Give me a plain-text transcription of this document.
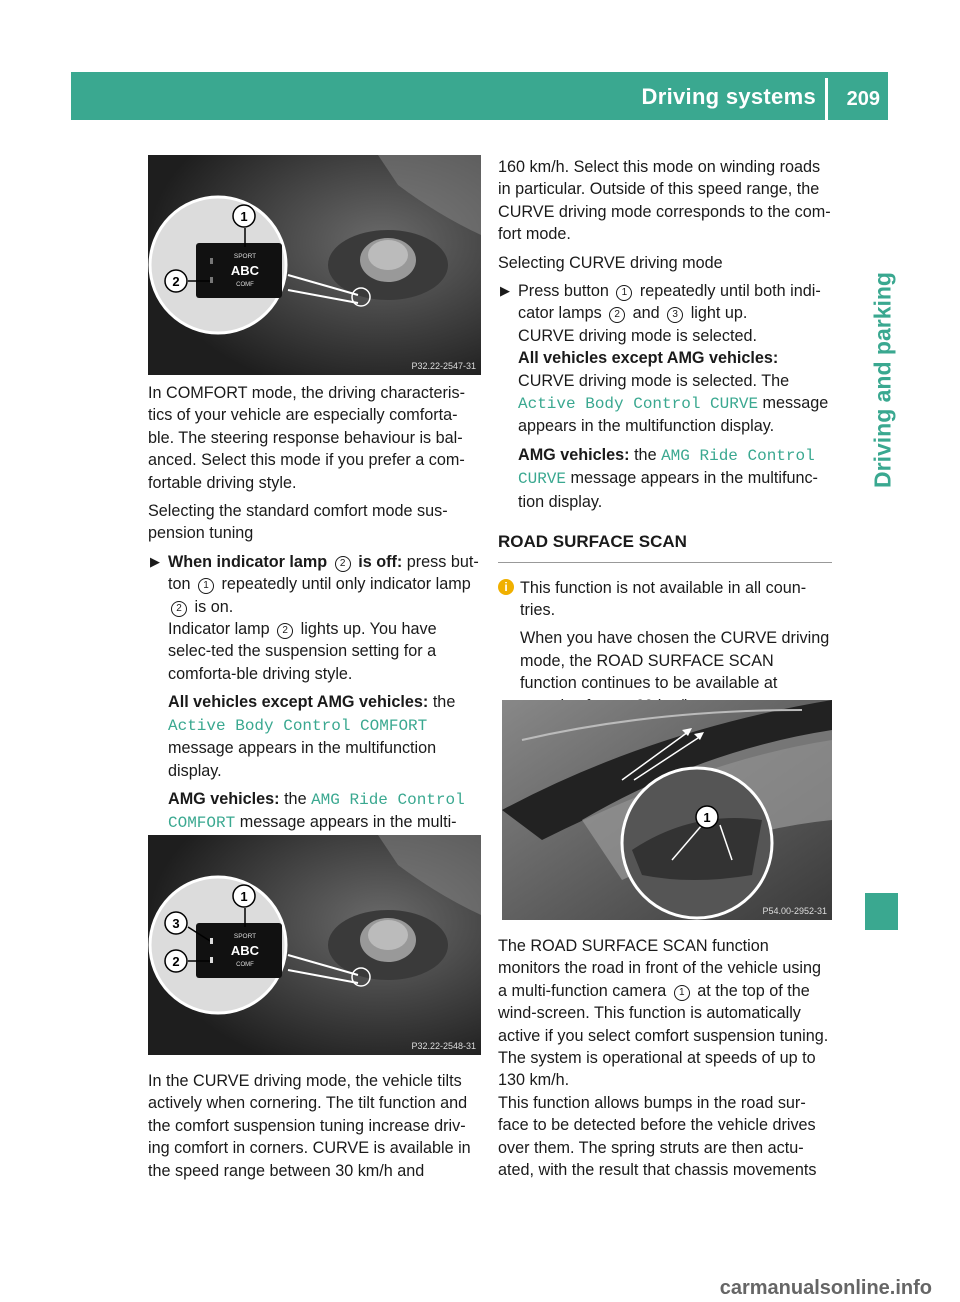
Driving systems 209
Driving and parking
1
2
SPORT
ABC
COMF
P32.22-2547-31

In COMFORT mode, the driving characteris-tics of your vehicle are especially comforta-ble. The steering response behaviour is bal-anced. Select this mode if you prefer a com-fortable driving style.

Selecting the standard comfort mode sus-pension tuning

▶ When indicator lamp 2 is off: press but-ton 1 repeatedly until only indicator lamp 2 is on.

Indicator lamp 2 lights up. You have selec-ted the suspension setting for a comforta-ble driving style.

All vehicles except AMG vehicles: the Active Body Control COMFORT message appears in the multifunction display.

AMG vehicles: the AMG Ride Control COMFORT message appears in the multi-

1
3
2
SPORT
ABC
COMF
P32.22-2548-31

In the CURVE driving mode, the vehicle tilts actively when cornering. The tilt function and the comfort suspension tuning increase driv-ing comfort in corners. CURVE is available in the speed range between 30 km/h and

160 km/h. Select this mode on winding roads in particular. Outside of this speed range, the CURVE driving mode corresponds to the com-fort mode.

Selecting CURVE driving mode

▶ Press button 1 repeatedly until both indi-cator lamps 2 and 3 light up.

CURVE driving mode is selected.

All vehicles except AMG vehicles:
CURVE driving mode is selected. The Active Body Control CURVE message appears in the multifunction display.

AMG vehicles: the AMG Ride Control CURVE message appears in the multifunc-tion display.

ROAD SURFACE SCAN
i This function is not available in all coun-tries.

When you have chosen the CURVE driving mode, the ROAD SURFACE SCAN function continues to be available at

1
P54.00-2952-31

The ROAD SURFACE SCAN function monitors the road in front of the vehicle using a multi-function camera 1 at the top of the wind-screen. This function is automatically active if you select comfort suspension tuning. The system is operational at speeds of up to 130 km/h.

This function allows bumps in the road sur-face to be detected before the vehicle drives over them. The spring struts are then actu-ated, with the result that chassis movements

carmanualsonline.info
